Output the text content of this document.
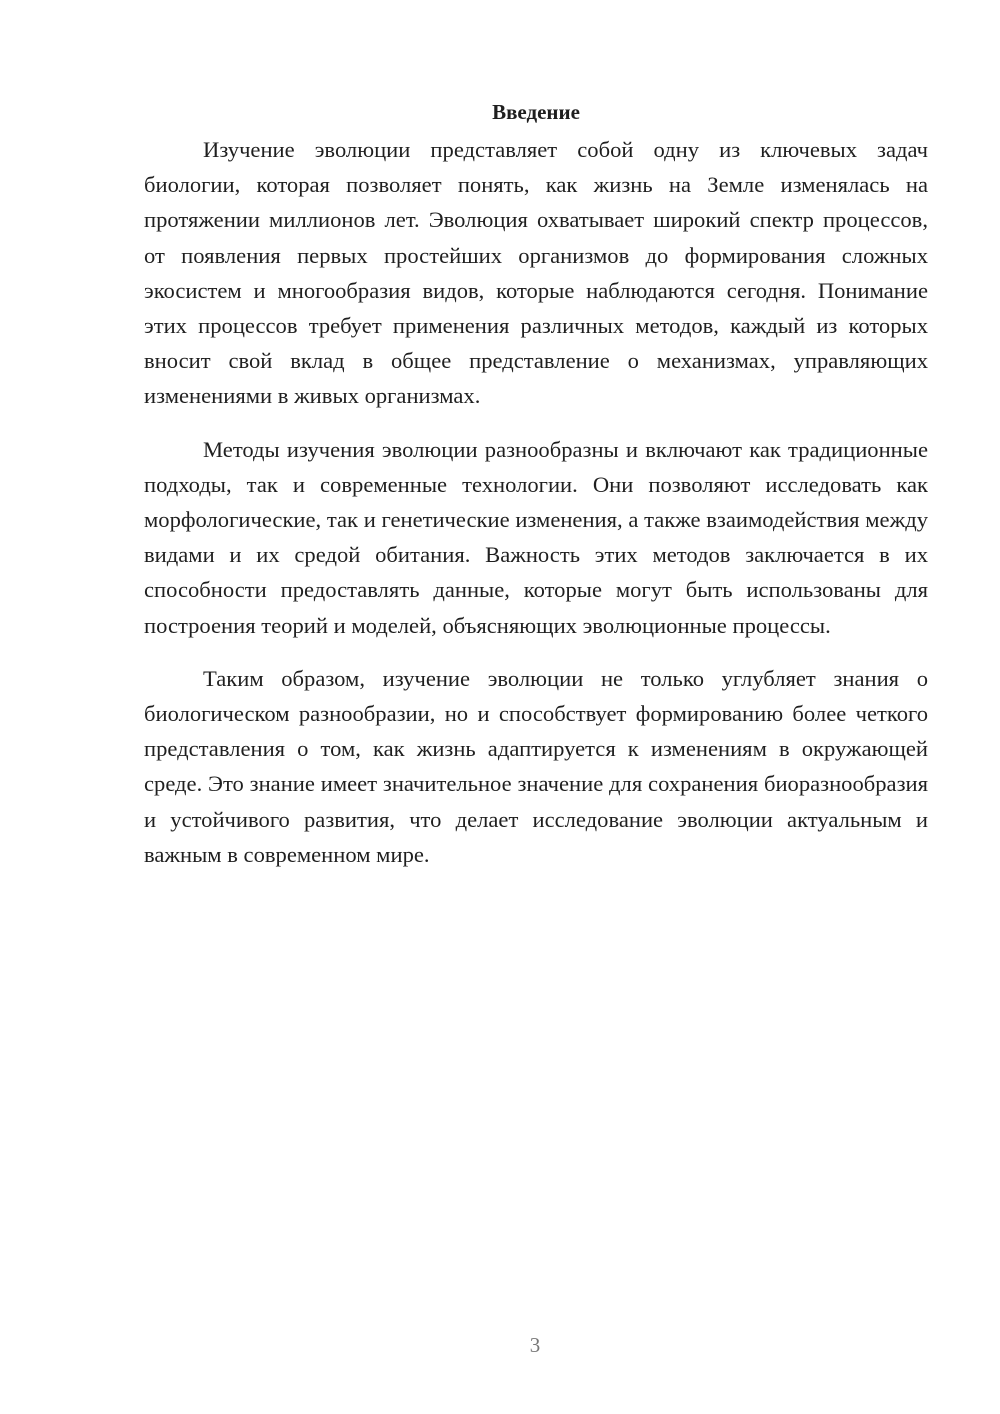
Введение

Изучение эволюции представляет собой одну из ключевых задач биологии, которая позволяет понять, как жизнь на Земле изменялась на протяжении миллионов лет. Эволюция охватывает широкий спектр процессов, от появления первых простейших организмов до формирования сложных экосистем и многообразия видов, которые наблюдаются сегодня. Понимание этих процессов требует применения различных методов, каждый из которых вносит свой вклад в общее представление о механизмах, управляющих изменениями в живых организмах.

Методы изучения эволюции разнообразны и включают как традиционные подходы, так и современные технологии. Они позволяют исследовать как морфологические, так и генетические изменения, а также взаимодействия между видами и их средой обитания. Важность этих методов заключается в их способности предоставлять данные, которые могут быть использованы для построения теорий и моделей, объясняющих эволюционные процессы.

Таким образом, изучение эволюции не только углубляет знания о биологическом разнообразии, но и способствует формированию более четкого представления о том, как жизнь адаптируется к изменениям в окружающей среде. Это знание имеет значительное значение для сохранения биоразнообразия и устойчивого развития, что делает исследование эволюции актуальным и важным в современном мире.

3
